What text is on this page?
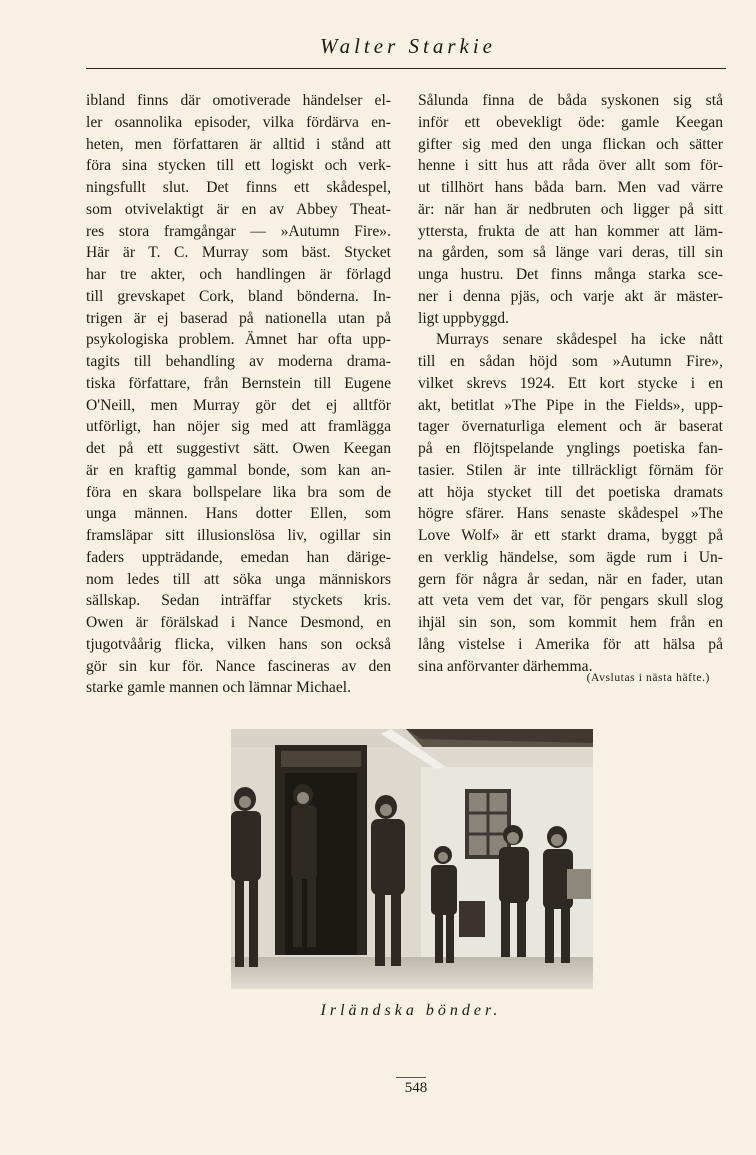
Walter Starkie
ibland finns där omotiverade händelser el-
ler osannolika episoder, vilka fördärva en-
heten, men författaren är alltid i stånd att
föra sina stycken till ett logiskt och verk-
ningsfullt slut. Det finns ett skådespel,
som otvivelaktigt är en av Abbey Theat-
res stora framgångar — »Autumn Fire».
Här är T. C. Murray som bäst. Stycket
har tre akter, och handlingen är förlagd
till grevskapet Cork, bland bönderna. In-
trigen är ej baserad på nationella utan på
psykologiska problem. Ämnet har ofta upp-
tagits till behandling av moderna drama-
tiska författare, från Bernstein till Eugene
O'Neill, men Murray gör det ej alltför
utförligt, han nöjer sig med att framlägga
det på ett suggestivt sätt. Owen Keegan
är en kraftig gammal bonde, som kan an-
föra en skara bollspelare lika bra som de
unga männen. Hans dotter Ellen, som
framsläpar sitt illusionslösa liv, ogillar sin
faders uppträdande, emedan han därige-
nom ledes till att söka unga människors
sällskap. Sedan inträffar styckets kris.
Owen är förälskad i Nance Desmond, en
tjugotvåårig flicka, vilken hans son också
gör sin kur för. Nance fascineras av den
starke gamle mannen och lämnar Michael.
Sålunda finna de båda syskonen sig stå
inför ett obevekligt öde: gamle Keegan
gifter sig med den unga flickan och sätter
henne i sitt hus att råda över allt som för-
ut tillhört hans båda barn. Men vad värre
är: när han är nedbruten och ligger på sitt
yttersta, frukta de att han kommer att läm-
na gården, som så länge vari deras, till sin
unga hustru. Det finns många starka sce-
ner i denna pjäs, och varje akt är mäster-
ligt uppbyggd.
Murrays senare skådespel ha icke nått
till en sådan höjd som »Autumn Fire»,
vilket skrevs 1924. Ett kort stycke i en
akt, betitlat »The Pipe in the Fields», upp-
tager övernaturliga element och är baserat
på en flöjtspelande ynglings poetiska fan-
tasier. Stilen är inte tillräckligt förnäm för
att höja stycket till det poetiska dramats
högre sfärer. Hans senaste skådespel »The
Love Wolf» är ett starkt drama, byggt på
en verklig händelse, som ägde rum i Un-
gern för några år sedan, när en fader, utan
att veta vem det var, för pengars skull slog
ihjäl sin son, som kommit hem från en
lång vistelse i Amerika för att hälsa på
sina anförvanter därhemma.
(Avslutas i nästa häfte.)
Irländska bönder.
548
